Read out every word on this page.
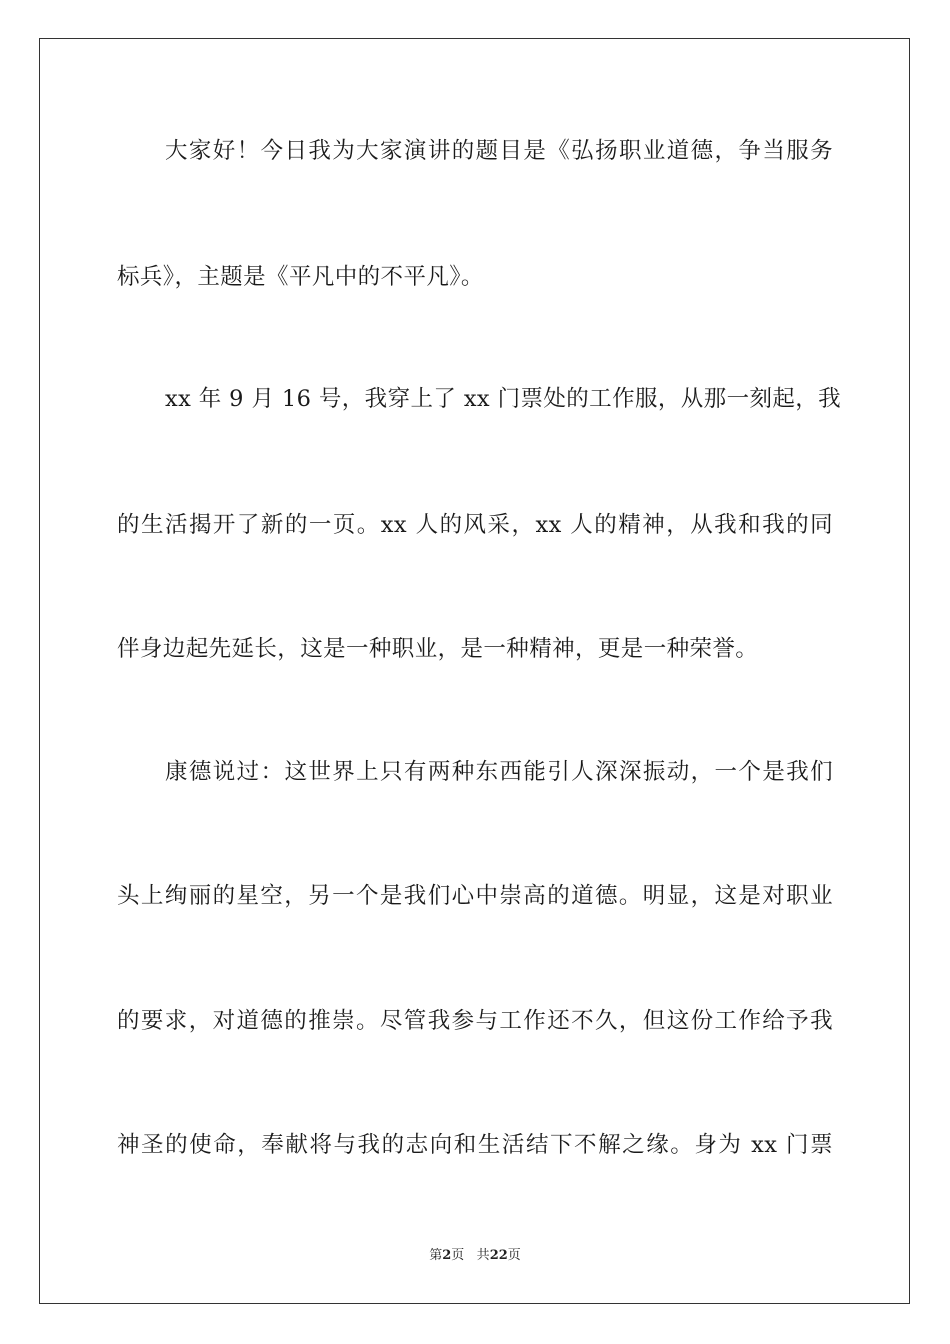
大家好！今日我为大家演讲的题目是《弘扬职业道德，争当服务
标兵》，主题是《平凡中的不平凡》。
xx 年 9 月 16 号，我穿上了 xx 门票处的工作服，从那一刻起，我
的生活揭开了新的一页。xx 人的风采，xx 人的精神，从我和我的同
伴身边起先延长，这是一种职业，是一种精神，更是一种荣誉。
康德说过：这世界上只有两种东西能引人深深振动，一个是我们
头上绚丽的星空，另一个是我们心中崇高的道德。明显，这是对职业
的要求，对道德的推崇。尽管我参与工作还不久，但这份工作给予我
神圣的使命，奉献将与我的志向和生活结下不解之缘。身为 xx 门票
第2页 共22页
